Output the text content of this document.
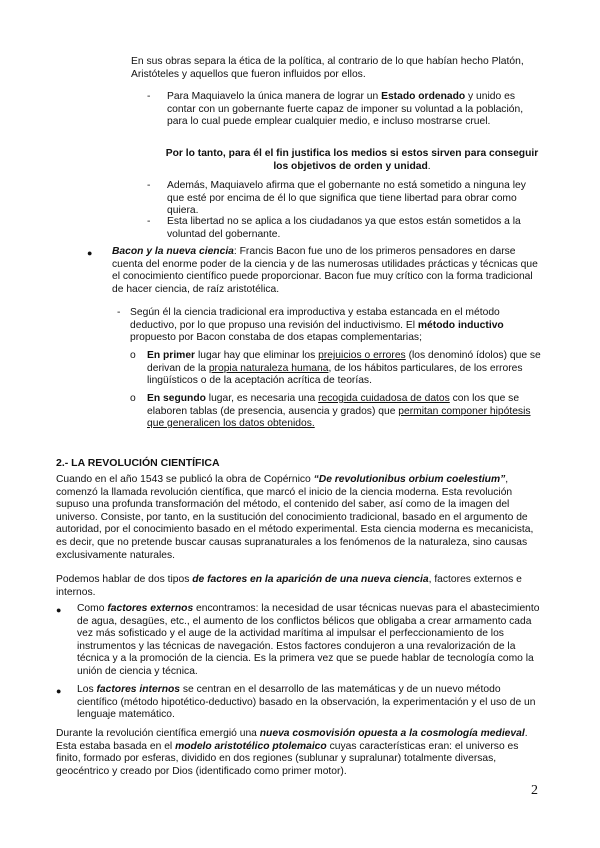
En sus obras separa la ética de la política, al contrario de lo que habían hecho Platón, Aristóteles y aquellos que fueron influidos por ellos.

- Para Maquiavelo la única manera de lograr un Estado ordenado y unido es contar con un gobernante fuerte capaz de imponer su voluntad a la población, para lo cual puede emplear cualquier medio, e incluso mostrarse cruel.

Por lo tanto, para él el fin justifica los medios si estos sirven para conseguir los objetivos de orden y unidad.

- Además, Maquiavelo afirma que el gobernante no está sometido a ninguna ley que esté por encima de él lo que significa que tiene libertad para obrar como quiera.

- Esta libertad no se aplica a los ciudadanos ya que estos están sometidos a la voluntad del gobernante.

● Bacon y la nueva ciencia: Francis Bacon fue uno de los primeros pensadores en darse cuenta del enorme poder de la ciencia y de las numerosas utilidades prácticas y técnicas que el conocimiento científico puede proporcionar. Bacon fue muy crítico con la forma tradicional de hacer ciencia, de raíz aristotélica.

- Según él la ciencia tradicional era improductiva y estaba estancada en el método deductivo, por lo que propuso una revisión del inductivismo. El método inductivo propuesto por Bacon constaba de dos etapas complementarias;

o En primer lugar hay que eliminar los prejuicios o errores (los denominó ídolos) que se derivan de la propia naturaleza humana, de los hábitos particulares, de los errores lingüísticos o de la aceptación acrítica de teorías.

o En segundo lugar, es necesaria una recogida cuidadosa de datos con los que se elaboren tablas (de presencia, ausencia y grados) que permitan componer hipótesis que generalicen los datos obtenidos.

2.- LA REVOLUCIÓN CIENTÍFICA

Cuando en el año 1543 se publicó la obra de Copérnico “De revolutionibus orbium coelestium”, comenzó la llamada revolución científica, que marcó el inicio de la ciencia moderna. Esta revolución supuso una profunda transformación del método, el contenido del saber, así como de la imagen del universo. Consiste, por tanto, en la sustitución del conocimiento tradicional, basado en el argumento de autoridad, por el conocimiento basado en el método experimental. Esta ciencia moderna es mecanicista, es decir, que no pretende buscar causas supranaturales a los fenómenos de la naturaleza, sino causas exclusivamente naturales.

Podemos hablar de dos tipos de factores en la aparición de una nueva ciencia, factores externos e internos.

● Como factores externos encontramos: la necesidad de usar técnicas nuevas para el abastecimiento de agua, desagües, etc., el aumento de los conflictos bélicos que obligaba a crear armamento cada vez más sofisticado y el auge de la actividad marítima al impulsar el perfeccionamiento de los instrumentos y las técnicas de navegación. Estos factores condujeron a una revalorización de la técnica y a la promoción de la ciencia. Es la primera vez que se puede hablar de tecnología como la unión de ciencia y técnica.

● Los factores internos se centran en el desarrollo de las matemáticas y de un nuevo método científico (método hipotético-deductivo) basado en la observación, la experimentación y el uso de un lenguaje matemático.

Durante la revolución científica emergió una nueva cosmovisión opuesta a la cosmología medieval. Esta estaba basada en el modelo aristotélico ptolemaico cuyas características eran: el universo es finito, formado por esferas, dividido en dos regiones (sublunar y supralunar) totalmente diversas, geocéntrico y creado por Dios (identificado como primer motor).

2
